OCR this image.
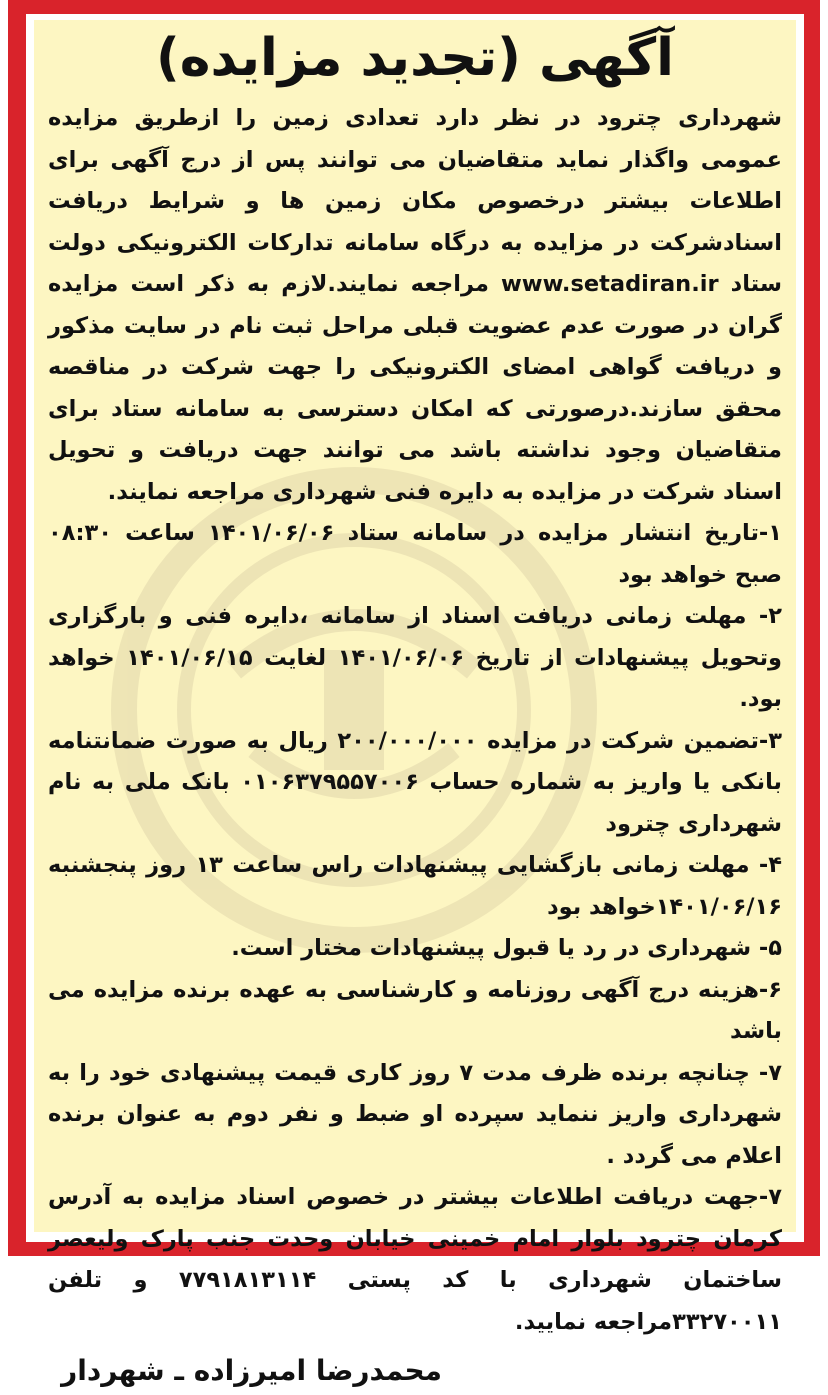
آگهی (تجدید مزایده)

شهرداری چترود در نظر دارد تعدادی زمین را ازطریق مزایده عمومی واگذار نماید متقاضیان می توانند پس از درج آگهی برای اطلاعات بیشتر درخصوص مکان زمین ها و شرایط دریافت اسنادشرکت در مزایده به درگاه سامانه تدارکات الکترونیکی دولت ستاد www.setadiran.ir مراجعه نمایند.لازم به ذکر است مزایده گران در صورت عدم عضویت قبلی مراحل ثبت نام در سایت مذکور و دریافت گواهی امضای الکترونیکی را جهت شرکت در مناقصه محقق سازند.درصورتی که امکان دسترسی به سامانه ستاد برای متقاضیان وجود نداشته باشد می توانند جهت دریافت و تحویل اسناد شرکت در مزایده به دایره فنی شهرداری مراجعه نمایند.

۱-تاریخ انتشار مزایده در سامانه ستاد ۱۴۰۱/۰۶/۰۶ ساعت ۰۸:۳۰ صبح خواهد بود

۲- مهلت زمانی دریافت اسناد از سامانه ،دایره فنی و بارگزاری وتحویل پیشنهادات از تاریخ ۱۴۰۱/۰۶/۰۶ لغایت ۱۴۰۱/۰۶/۱۵ خواهد بود.

۳-تضمین شرکت در مزایده ۲۰۰/۰۰۰/۰۰۰ ریال به صورت ضمانتنامه بانکی یا واریز به شماره حساب ۰۱۰۶۳۷۹۵۵۷۰۰۶ بانک ملی به نام شهرداری چترود

۴- مهلت زمانی بازگشایی پیشنهادات راس ساعت ۱۳ روز پنجشنبه ۱۴۰۱/۰۶/۱۶خواهد بود

۵- شهرداری در رد یا قبول پیشنهادات مختار است.

۶-هزینه درج آگهی روزنامه و کارشناسی به عهده برنده مزایده می باشد

۷- چنانچه برنده ظرف مدت ۷ روز کاری قیمت پیشنهادی خود را به شهرداری واریز ننماید سپرده او ضبط و نفر دوم به عنوان برنده اعلام می گردد .

۷-جهت دریافت اطلاعات بیشتر در خصوص اسناد مزایده به آدرس کرمان چترود بلوار امام خمینی خیابان وحدت جنب پارک ولیعصر ساختمان شهرداری با کد پستی ۷۷۹۱۸۱۳۱۱۴ و تلفن ۳۳۲۷۰۰۱۱مراجعه نمایید.

محمدرضا امیرزاده ـ شهردار
